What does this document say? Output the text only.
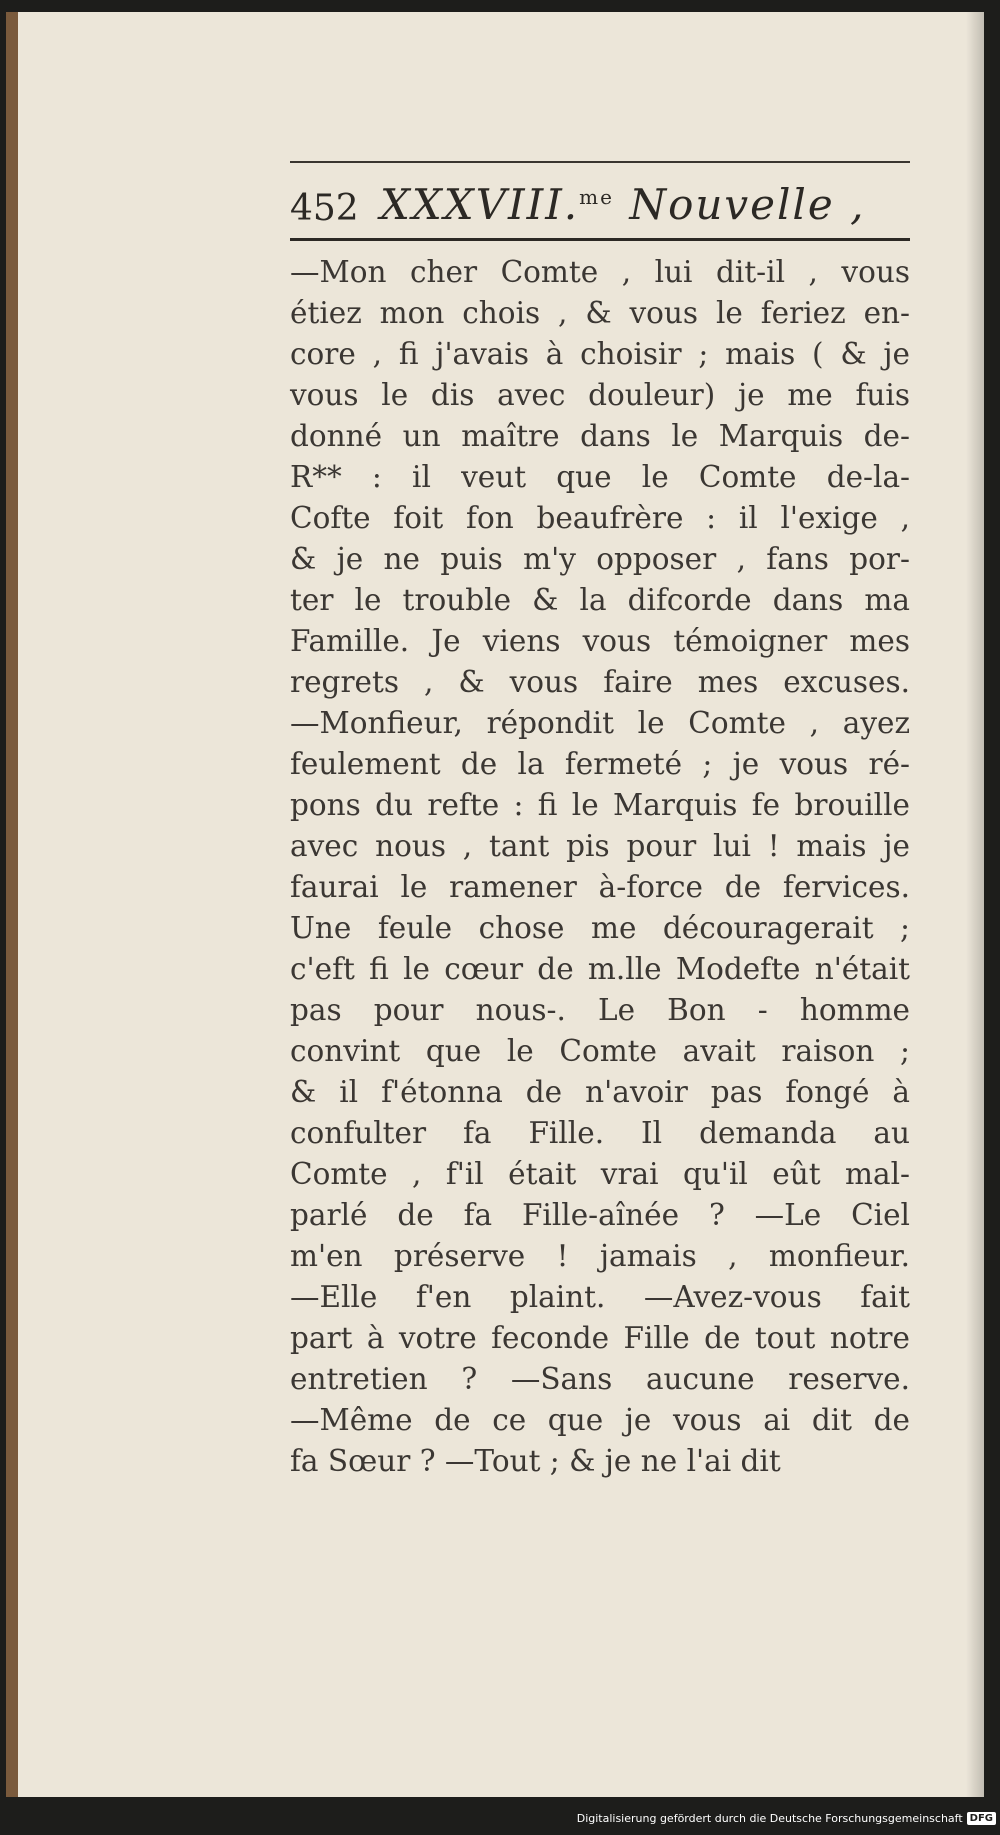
452 XXXVIII.$^{me}$ Nouvelle ,
—Mon cher Comte , lui dit-il , vous
étiez mon chois , & vous le feriez en-
core , fi j'avais à choisir ; mais ( & je
vous le dis avec douleur) je me fuis
donné un maître dans le Marquis de-
R** : il veut que le Comte de-la-
Cofte foit fon beaufrère : il l'exige ,
& je ne puis m'y opposer , fans por-
ter le trouble & la difcorde dans ma
Famille. Je viens vous témoigner mes
regrets , & vous faire mes excuses.
—Monfieur, répondit le Comte , ayez
feulement de la fermeté ; je vous ré-
pons du refte : fi le Marquis fe brouille
avec nous , tant pis pour lui ! mais je
faurai le ramener à-force de fervices.
Une feule chose me découragerait ;
c'eft fi le cœur de m.lle Modefte n'était
pas pour nous-. Le Bon - homme
convint que le Comte avait raison ;
& il f'étonna de n'avoir pas fongé à
confulter fa Fille. Il demanda au
Comte , f'il était vrai qu'il eût mal-
parlé de fa Fille-aînée ? —Le Ciel
m'en préserve ! jamais , monfieur.
—Elle f'en plaint. —Avez-vous fait
part à votre feconde Fille de tout notre
entretien ? —Sans aucune reserve.
—Même de ce que je vous ai dit de
fa Sœur ? —Tout ; & je ne l'ai dit
Digitalisierung gefördert durch die Deutsche Forschungsgemeinschaft DFG
